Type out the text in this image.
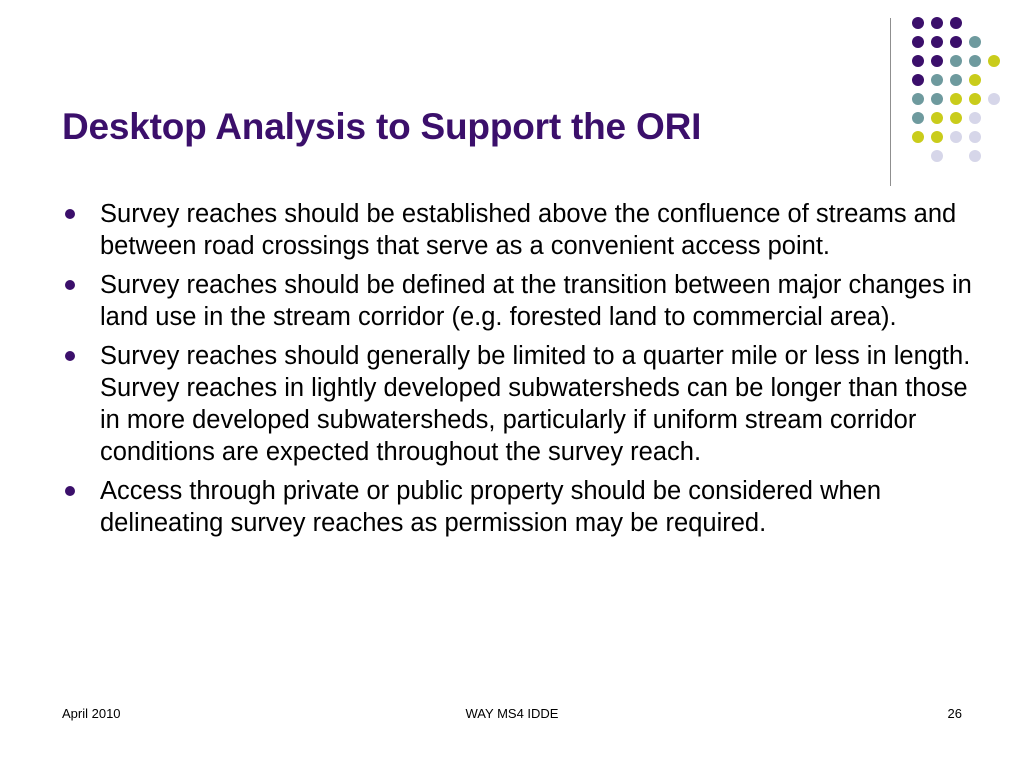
Desktop Analysis to Support the ORI
Survey reaches should be established above the confluence of streams and between road crossings that serve as a convenient access point.
Survey reaches should be defined at the transition between major changes in land use in the stream corridor (e.g. forested land to commercial area).
Survey reaches should generally be limited to a quarter mile or less in length. Survey reaches in lightly developed subwatersheds can be longer than those in more developed subwatersheds, particularly if uniform stream corridor conditions are expected throughout the survey reach.
Access through private or public property should be considered when delineating survey reaches as permission may be required.
April 2010	WAY MS4 IDDE	26
